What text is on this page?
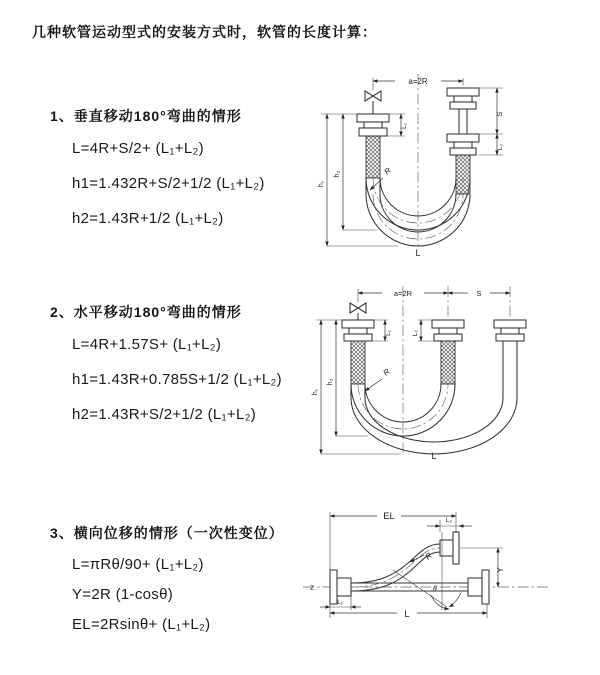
几种软管运动型式的安装方式时，软管的长度计算：
1、垂直移动180°弯曲的情形
L=4R+S/2+ (L₁+L₂)
h1=1.432R+S/2+1/2 (L₁+L₂)
h2=1.43R+1/2 (L₁+L₂)
a=2R
S
L₂
h₂
h₁
L₁
R
L
2、水平移动180°弯曲的情形
L=4R+1.57S+ (L₁+L₂)
h1=1.43R+0.785S+1/2 (L₁+L₂)
h2=1.43R+S/2+1/2 (L₁+L₂)
a=2R	S
h₂
h₁
L₁	L₂
R
L
3、横向位移的情形（一次性变位）
L=πRθ/90+ (L₁+L₂)
Y=2R (1-cosθ)
EL=2Rsinθ+ (L₁+L₂)
Z
EL	L₂
Y
L
L₁
θ
R
